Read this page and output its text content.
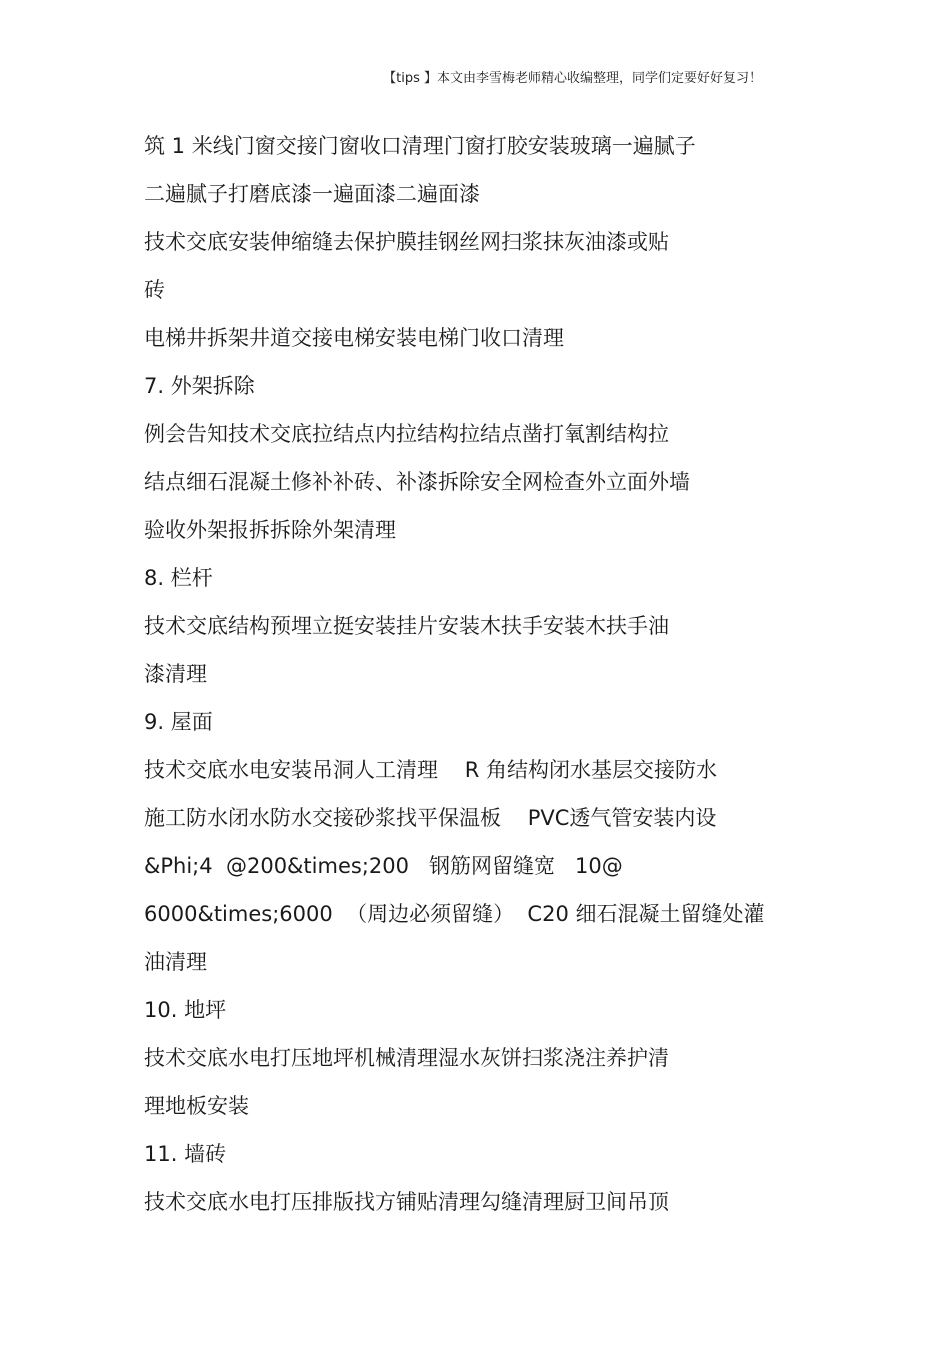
【tips 】本文由李雪梅老师精心收编整理，同学们定要好好复习！
筑 1 米线门窗交接门窗收口清理门窗打胶安装玻璃一遍腻子
二遍腻子打磨底漆一遍面漆二遍面漆
技术交底安装伸缩缝去保护膜挂钢丝网扫浆抹灰油漆或贴
砖
电梯井拆架井道交接电梯安装电梯门收口清理
7. 外架拆除
例会告知技术交底拉结点内拉结构拉结点凿打氧割结构拉
结点细石混凝土修补补砖、补漆拆除安全网检查外立面外墙
验收外架报拆拆除外架清理
8. 栏杆
技术交底结构预埋立挺安装挂片安装木扶手安装木扶手油
漆清理
9. 屋面
技术交底水电安装吊洞人工清理    R 角结构闭水基层交接防水
施工防水闭水防水交接砂浆找平保温板    PVC透气管安装内设
&Phi;4  @200&times;200   钢筋网留缝宽   10@
6000&times;6000  （周边必须留缝）  C20 细石混凝土留缝处灌
油清理
10. 地坪
技术交底水电打压地坪机械清理湿水灰饼扫浆浇注养护清
理地板安装
11. 墙砖
技术交底水电打压排版找方铺贴清理勾缝清理厨卫间吊顶
